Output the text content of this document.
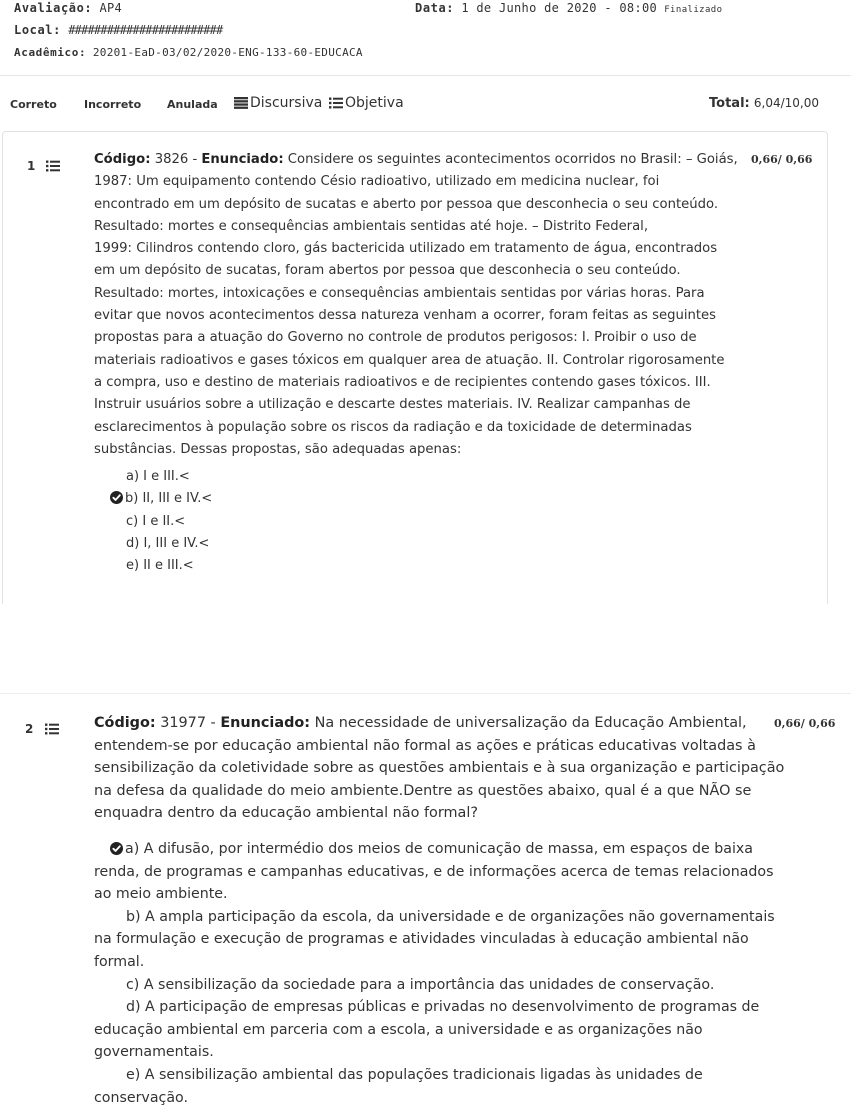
Avaliação: AP4	Data: 1 de Junho de 2020 - 08:00 Finalizado
Local: ########################
Acadêmico: 20201-EaD-03/02/2020-ENG-133-60-EDUCACA
Correto Incorreto Anulada	Discursiva	Objetiva	Total: 6,04/10,00
1	0,66/ 0,66
Código: 3826 - Enunciado: Considere os seguintes acontecimentos ocorridos no Brasil: – Goiás,
1987: Um equipamento contendo Césio radioativo, utilizado em medicina nuclear, foi
encontrado em um depósito de sucatas e aberto por pessoa que desconhecia o seu conteúdo.
Resultado: mortes e consequências ambientais sentidas até hoje. – Distrito Federal,
1999: Cilindros contendo cloro, gás bactericida utilizado em tratamento de água, encontrados
em um depósito de sucatas, foram abertos por pessoa que desconhecia o seu conteúdo.
Resultado: mortes, intoxicações e consequências ambientais sentidas por várias horas. Para
evitar que novos acontecimentos dessa natureza venham a ocorrer, foram feitas as seguintes
propostas para a atuação do Governo no controle de produtos perigosos: I. Proibir o uso de
materiais radioativos e gases tóxicos em qualquer area de atuação. II. Controlar rigorosamente
a compra, uso e destino de materiais radioativos e de recipientes contendo gases tóxicos. III.
Instruir usuários sobre a utilização e descarte destes materiais. IV. Realizar campanhas de
esclarecimentos à população sobre os riscos da radiação e da toxicidade de determinadas
substâncias. Dessas propostas, são adequadas apenas:
a) I e III.<
b) II, III e IV.<
c) I e II.<
d) I, III e IV.<
e) II e III.<
2	0,66/ 0,66
Código: 31977 - Enunciado: Na necessidade de universalização da Educação Ambiental,
entendem-se por educação ambiental não formal as ações e práticas educativas voltadas à
sensibilização da coletividade sobre as questões ambientais e à sua organização e participação
na defesa da qualidade do meio ambiente.Dentre as questões abaixo, qual é a que NÃO se
enquadra dentro da educação ambiental não formal?
a) A difusão, por intermédio dos meios de comunicação de massa, em espaços de baixa
renda, de programas e campanhas educativas, e de informações acerca de temas relacionados
ao meio ambiente.
b) A ampla participação da escola, da universidade e de organizações não governamentais
na formulação e execução de programas e atividades vinculadas à educação ambiental não
formal.
c) A sensibilização da sociedade para a importância das unidades de conservação.
d) A participação de empresas públicas e privadas no desenvolvimento de programas de
educação ambiental em parceria com a escola, a universidade e as organizações não
governamentais.
e) A sensibilização ambiental das populações tradicionais ligadas às unidades de
conservação.
